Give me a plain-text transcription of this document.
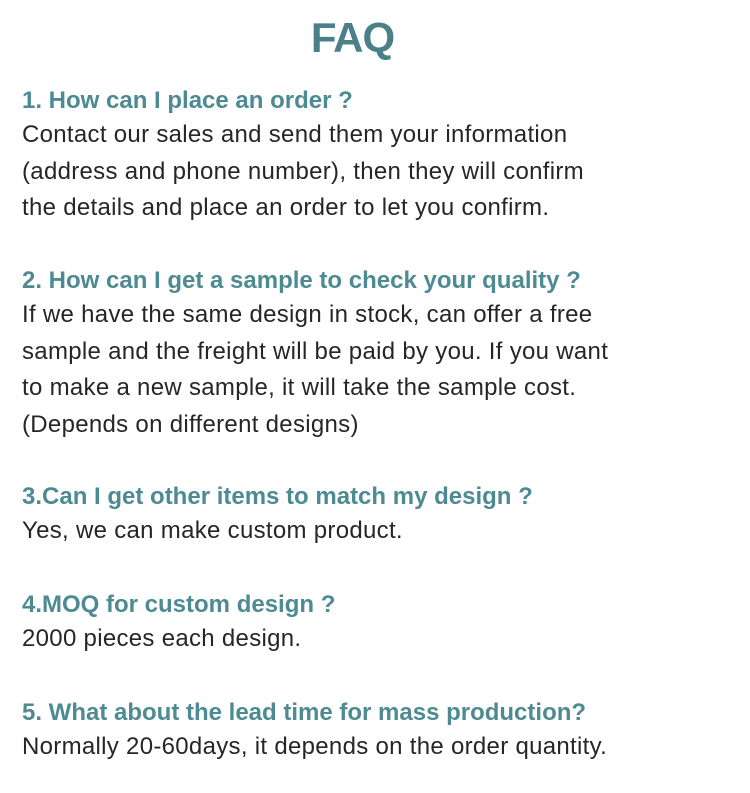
FAQ

1. How can I place an order ?

Contact our sales and send them your information
(address and phone number), then they will confirm
the details and place an order to let you confirm.

2. How can I get a sample to check your quality ?

If we have the same design in stock, can offer a free
sample and the freight will be paid by you. If you want
to make a new sample, it will take the sample cost.
(Depends on different designs)

3.Can I get other items to match my design ?

Yes, we can make custom product.

4.MOQ for custom design ?

2000 pieces each design.

5. What about the lead time for mass production?

Normally 20-60days, it depends on the order quantity.
